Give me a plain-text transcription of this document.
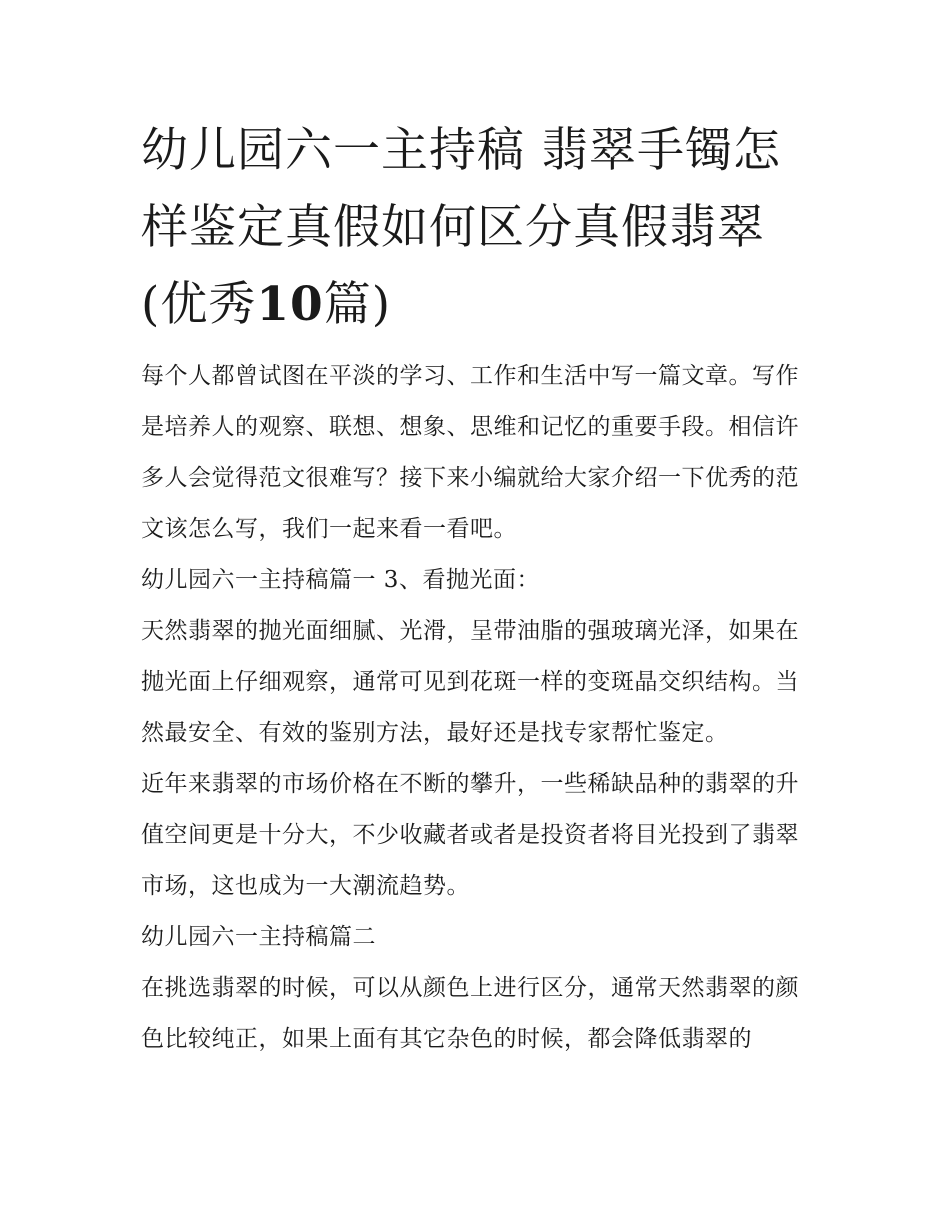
幼儿园六一主持稿 翡翠手镯怎样鉴定真假如何区分真假翡翠(优秀10篇)

每个人都曾试图在平淡的学习、工作和生活中写一篇文章。写作是培养人的观察、联想、想象、思维和记忆的重要手段。相信许多人会觉得范文很难写？接下来小编就给大家介绍一下优秀的范文该怎么写，我们一起来看一看吧。

幼儿园六一主持稿篇一 3、看抛光面：

天然翡翠的抛光面细腻、光滑，呈带油脂的强玻璃光泽，如果在抛光面上仔细观察，通常可见到花斑一样的变斑晶交织结构。当然最安全、有效的鉴别方法，最好还是找专家帮忙鉴定。

近年来翡翠的市场价格在不断的攀升，一些稀缺品种的翡翠的升值空间更是十分大，不少收藏者或者是投资者将目光投到了翡翠市场，这也成为一大潮流趋势。

幼儿园六一主持稿篇二

在挑选翡翠的时候，可以从颜色上进行区分，通常天然翡翠的颜色比较纯正，如果上面有其它杂色的时候，都会降低翡翠的
